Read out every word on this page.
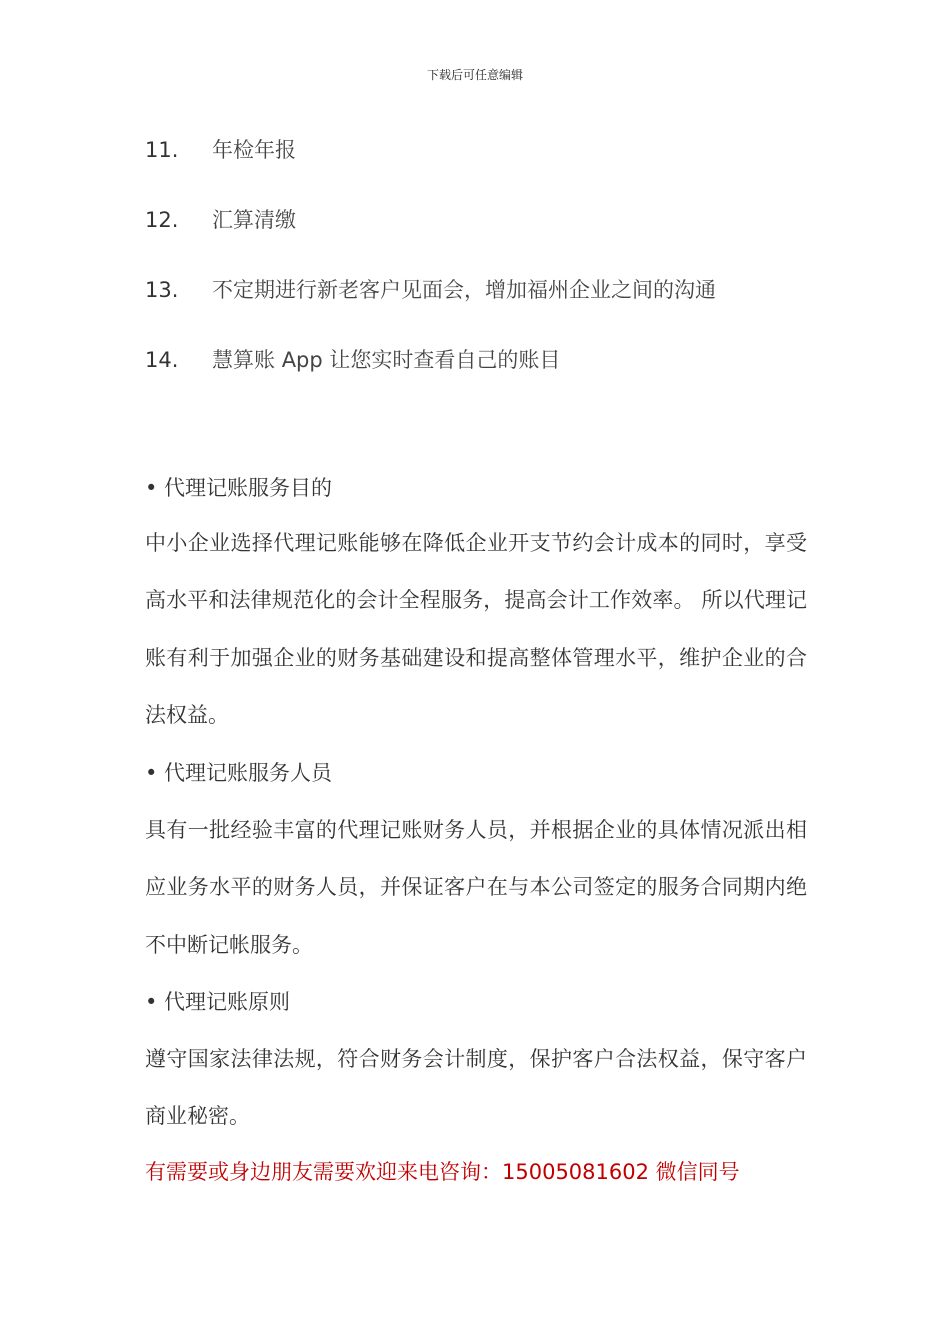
下载后可任意编辑
11. 年检年报
12. 汇算清缴
13. 不定期进行新老客户见面会，增加福州企业之间的沟通
14. 慧算账 App 让您实时查看自己的账目
• 代理记账服务目的
中小企业选择代理记账能够在降低企业开支节约会计成本的同时，享受高水平和法律规范化的会计全程服务，提高会计工作效率。 所以代理记账有利于加强企业的财务基础建设和提高整体管理水平，维护企业的合法权益。
• 代理记账服务人员
具有一批经验丰富的代理记账财务人员，并根据企业的具体情况派出相应业务水平的财务人员，并保证客户在与本公司签定的服务合同期内绝不中断记帐服务。
• 代理记账原则
遵守国家法律法规，符合财务会计制度，保护客户合法权益，保守客户商业秘密。
有需要或身边朋友需要欢迎来电咨询：15005081602 微信同号
